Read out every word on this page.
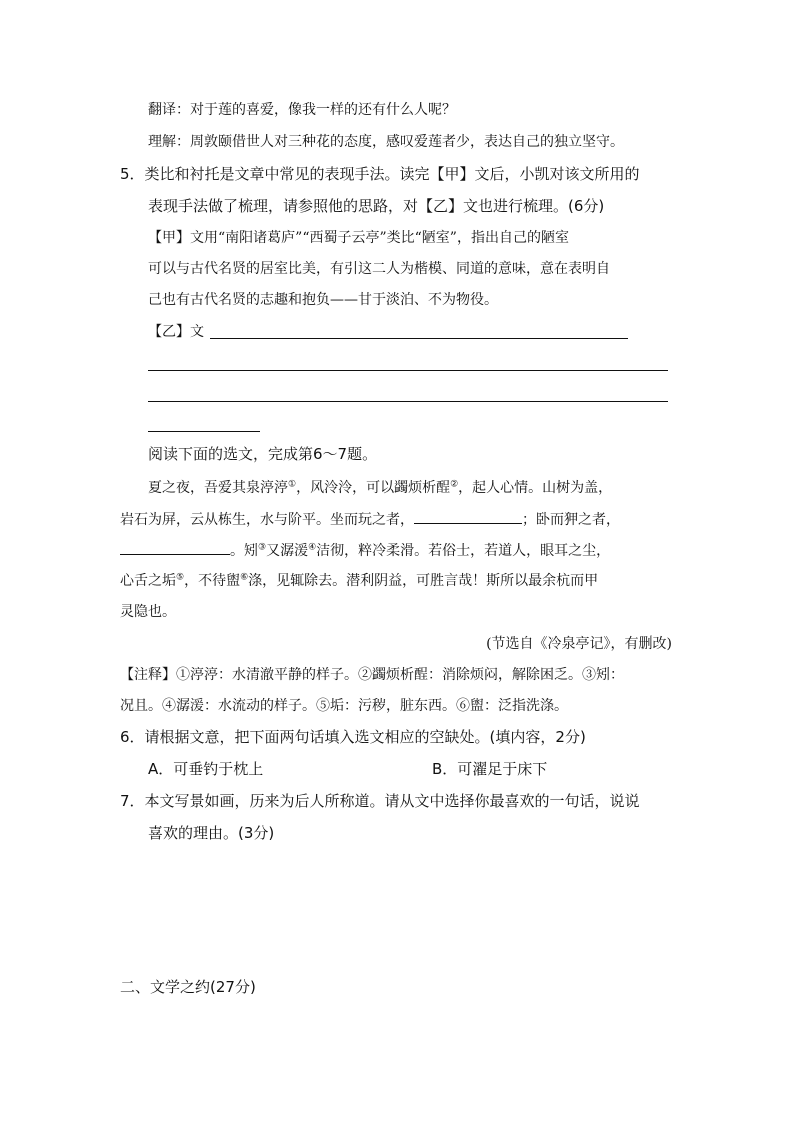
翻译：对于莲的喜爱，像我一样的还有什么人呢？
理解：周敦颐借世人对三种花的态度，感叹爱莲者少，表达自己的独立坚守。
5．类比和衬托是文章中常见的表现手法。读完【甲】文后，小凯对该文所用的
表现手法做了梳理，请参照他的思路，对【乙】文也进行梳理。(6分)
【甲】文用“南阳诸葛庐”“西蜀子云亭”类比“陋室”，指出自己的陋室
可以与古代名贤的居室比美，有引这二人为楷模、同道的意味，意在表明自
己也有古代名贤的志趣和抱负——甘于淡泊、不为物役。
【乙】文
阅读下面的选文，完成第6～7题。
夏之夜，吾爱其泉渟渟①，风泠泠，可以蠲烦析酲②，起人心情。山树为盖，
岩石为屏，云从栋生，水与阶平。坐而玩之者，	；卧而狎之者，
。矧③又潺湲④洁彻，粹冷柔滑。若俗士，若道人，眼耳之尘，
心舌之垢⑤，不待盥⑥涤，见辄除去。潜利阴益，可胜言哉！斯所以最余杭而甲
灵隐也。
(节选自《冷泉亭记》，有删改)
【注释】①渟渟：水清澈平静的样子。②蠲烦析酲：消除烦闷，解除困乏。③矧：
况且。④潺湲：水流动的样子。⑤垢：污秽，脏东西。⑥盥：泛指洗涤。
6．请根据文意，把下面两句话填入选文相应的空缺处。(填内容，2分)
A．可垂钓于枕上	B．可濯足于床下
7．本文写景如画，历来为后人所称道。请从文中选择你最喜欢的一句话，说说
喜欢的理由。(3分)
二、文学之约(27分)
